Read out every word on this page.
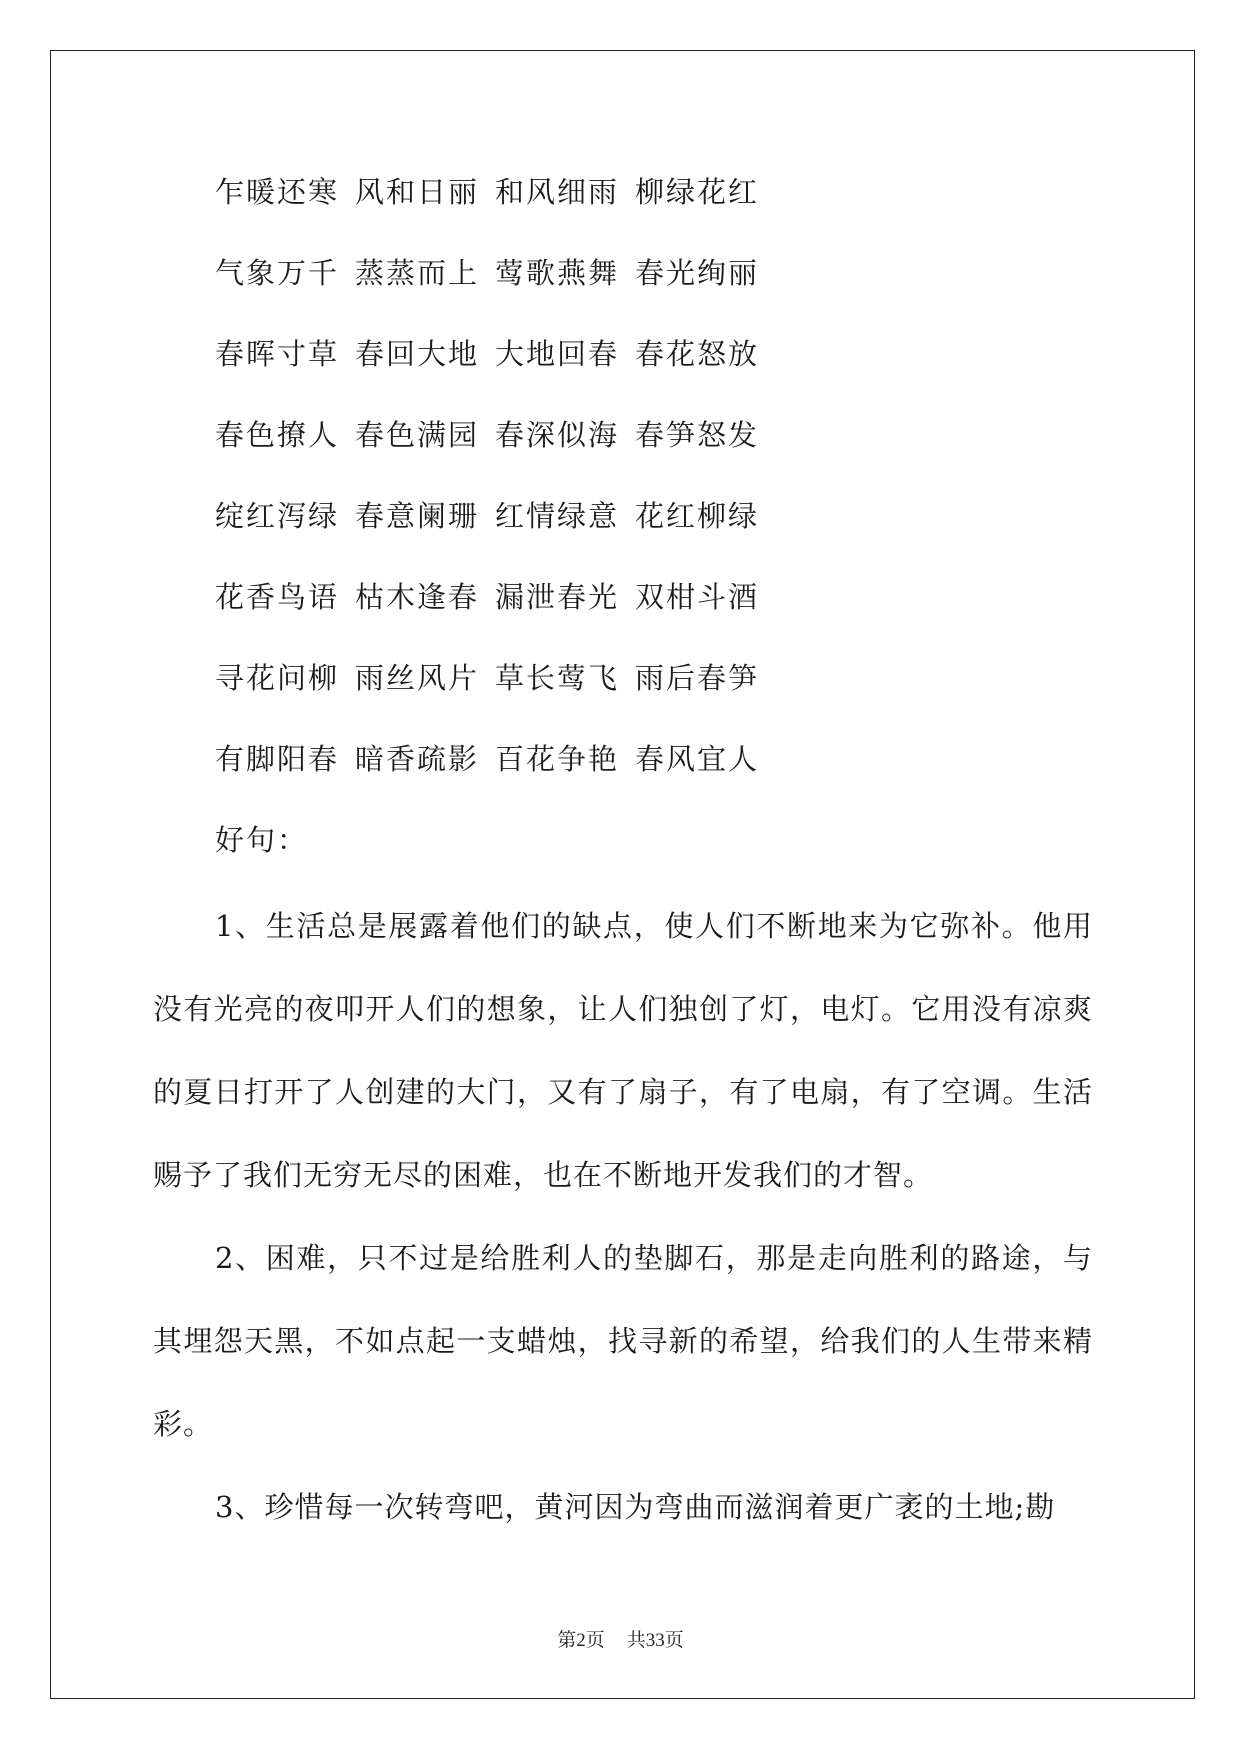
乍暖还寒 风和日丽 和风细雨 柳绿花红
气象万千 蒸蒸而上 莺歌燕舞 春光绚丽
春晖寸草 春回大地 大地回春 春花怒放
春色撩人 春色满园 春深似海 春笋怒发
绽红泻绿 春意阑珊 红情绿意 花红柳绿
花香鸟语 枯木逢春 漏泄春光 双柑斗酒
寻花问柳 雨丝风片 草长莺飞 雨后春笋
有脚阳春 暗香疏影 百花争艳 春风宜人
好句：

1、生活总是展露着他们的缺点，使人们不断地来为它弥补。他用没有光亮的夜叩开人们的想象，让人们独创了灯，电灯。它用没有凉爽的夏日打开了人创建的大门，又有了扇子，有了电扇，有了空调。生活赐予了我们无穷无尽的困难，也在不断地开发我们的才智。

2、困难，只不过是给胜利人的垫脚石，那是走向胜利的路途，与其埋怨天黑，不如点起一支蜡烛，找寻新的希望，给我们的人生带来精彩。

3、珍惜每一次转弯吧，黄河因为弯曲而滋润着更广袤的土地;勘

第2页 共33页
